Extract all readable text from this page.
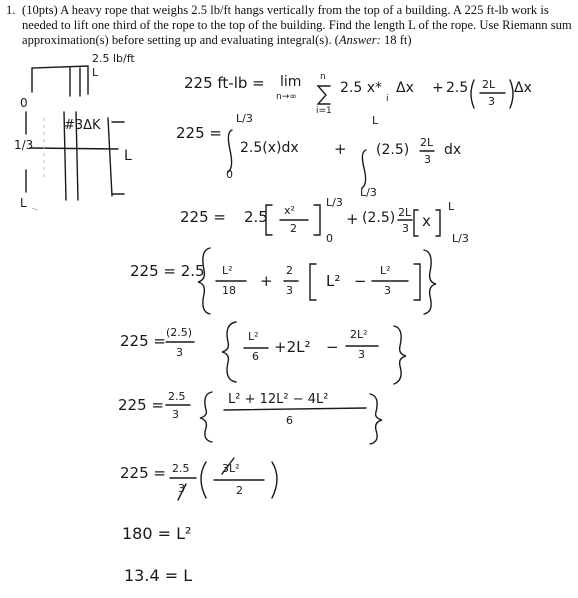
1. (10pts) A heavy rope that weighs 2.5 lb/ft hangs vertically from the top of a building. A 225 ft-lb work is needed to lift one third of the rope to the top of the building. Find the length L of the rope. Use Riemann sum approximation(s) before setting up and evaluating integral(s). (Answer: 18 ft)
2.5 lb/ft
L
0
1/3
L
#3ΔK
L
225 ft-lb = lim
n→∞
n
i=1
2.5 x*
i
Δx + 2.5 2L
3
Δx
225 =
L/3
0
2.5(x)dx +
L
L/3
(2.5) 2L
3
dx
225 = 2.5 x²
2
L/3
0
+ (2.5) 2L
3 x
L
L/3
225 = 2.5 L²
18
+
2
3
L² −
L²
3
225 = (2.5)
3
L²
6
+2L² −
2L²
3
225 = 2.5
3
L² + 12L² − 4L²
6
225 = 2.5
3
3L²
2
180 = L²
13.4 = L
